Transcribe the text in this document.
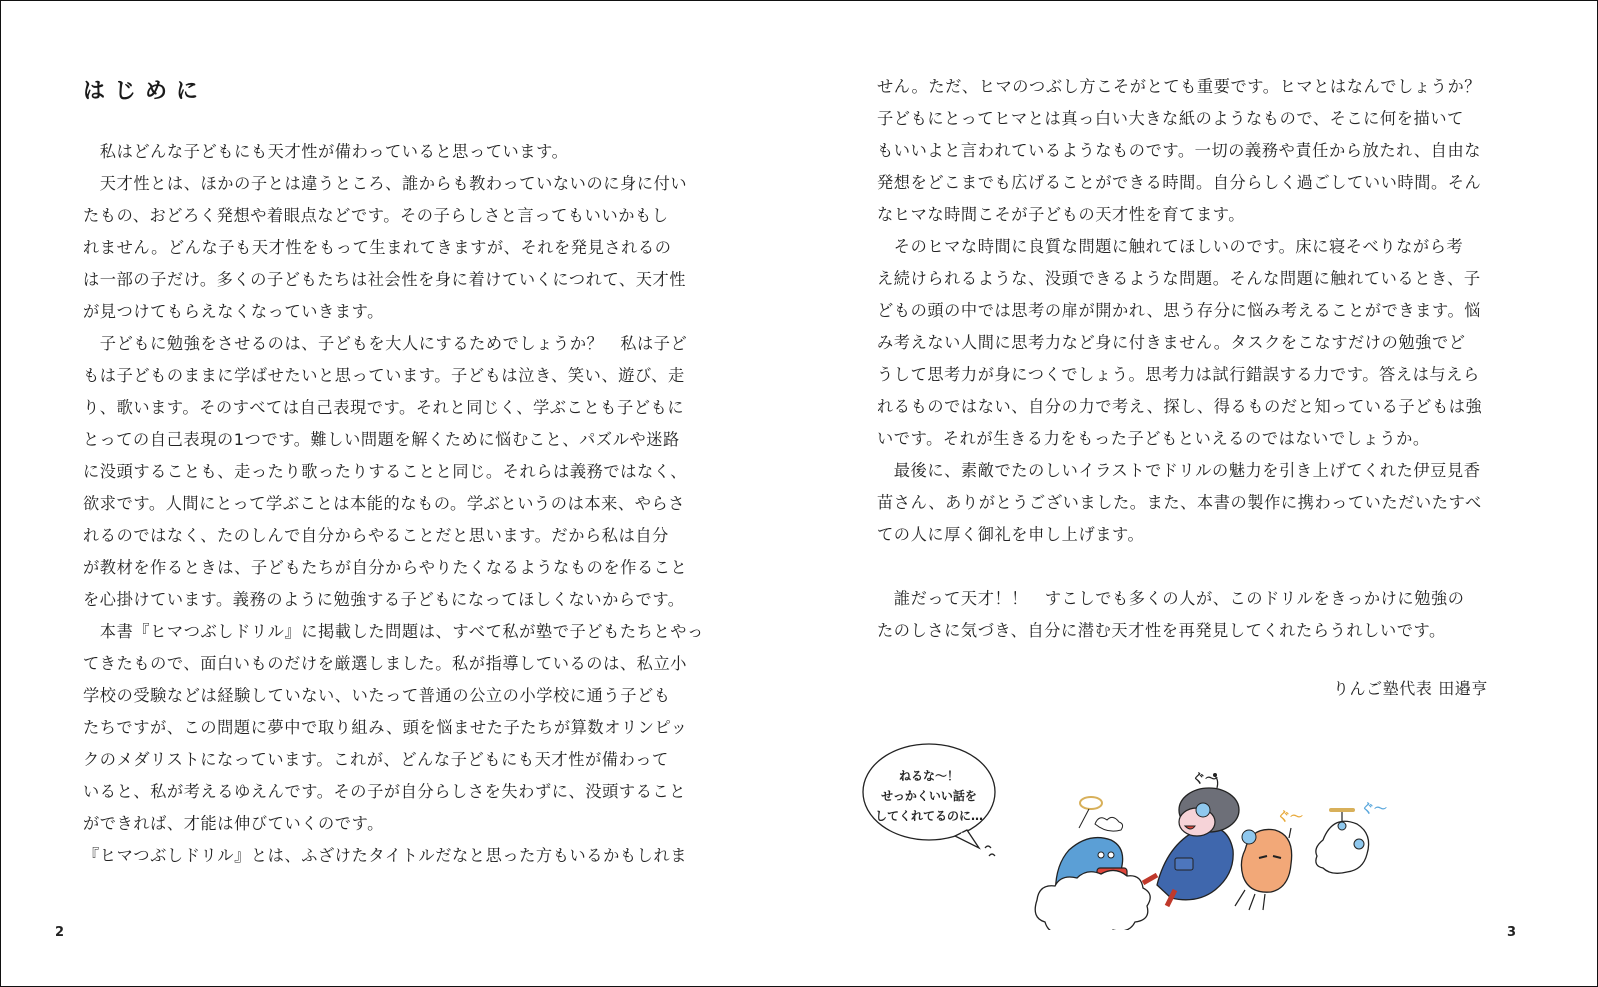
はじめに
　私はどんな子どもにも天才性が備わっていると思っています。
　天才性とは、ほかの子とは違うところ、誰からも教わっていないのに身に付い
たもの、おどろく発想や着眼点などです。その子らしさと言ってもいいかもし
れません。どんな子も天才性をもって生まれてきますが、それを発見されるの
は一部の子だけ。多くの子どもたちは社会性を身に着けていくにつれて、天才性
が見つけてもらえなくなっていきます。
　子どもに勉強をさせるのは、子どもを大人にするためでしょうか？　私は子ど
もは子どものままに学ばせたいと思っています。子どもは泣き、笑い、遊び、走
り、歌います。そのすべては自己表現です。それと同じく、学ぶことも子どもに
とっての自己表現の1つです。難しい問題を解くために悩むこと、パズルや迷路
に没頭することも、走ったり歌ったりすることと同じ。それらは義務ではなく、
欲求です。人間にとって学ぶことは本能的なもの。学ぶというのは本来、やらさ
れるのではなく、たのしんで自分からやることだと思います。だから私は自分
が教材を作るときは、子どもたちが自分からやりたくなるようなものを作ること
を心掛けています。義務のように勉強する子どもになってほしくないからです。
　本書『ヒマつぶしドリル』に掲載した問題は、すべて私が塾で子どもたちとやっ
てきたもので、面白いものだけを厳選しました。私が指導しているのは、私立小
学校の受験などは経験していない、いたって普通の公立の小学校に通う子ども
たちですが、この問題に夢中で取り組み、頭を悩ませた子たちが算数オリンピッ
クのメダリストになっています。これが、どんな子どもにも天才性が備わって
いると、私が考えるゆえんです。その子が自分らしさを失わずに、没頭すること
ができれば、才能は伸びていくのです。
『ヒマつぶしドリル』とは、ふざけたタイトルだなと思った方もいるかもしれま
2
せん。ただ、ヒマのつぶし方こそがとても重要です。ヒマとはなんでしょうか？
子どもにとってヒマとは真っ白い大きな紙のようなもので、そこに何を描いて
もいいよと言われているようなものです。一切の義務や責任から放たれ、自由な
発想をどこまでも広げることができる時間。自分らしく過ごしていい時間。そん
なヒマな時間こそが子どもの天才性を育てます。
　そのヒマな時間に良質な問題に触れてほしいのです。床に寝そべりながら考
え続けられるような、没頭できるような問題。そんな問題に触れているとき、子
どもの頭の中では思考の扉が開かれ、思う存分に悩み考えることができます。悩
み考えない人間に思考力など身に付きません。タスクをこなすだけの勉強でど
うして思考力が身につくでしょう。思考力は試行錯誤する力です。答えは与えら
れるものではない、自分の力で考え、探し、得るものだと知っている子どもは強
いです。それが生きる力をもった子どもといえるのではないでしょうか。
　最後に、素敵でたのしいイラストでドリルの魅力を引き上げてくれた伊豆見香
苗さん、ありがとうございました。また、本書の製作に携わっていただいたすべ
ての人に厚く御礼を申し上げます。
　誰だって天才！！　すこしでも多くの人が、このドリルをきっかけに勉強の
たのしさに気づき、自分に潜む天才性を再発見してくれたらうれしいです。
りんご塾代表 田邉亨
ねるな〜！
せっかくいい話を
してくれてるのに…
ぐ〜
ぐ〜
ぐ〜
3
